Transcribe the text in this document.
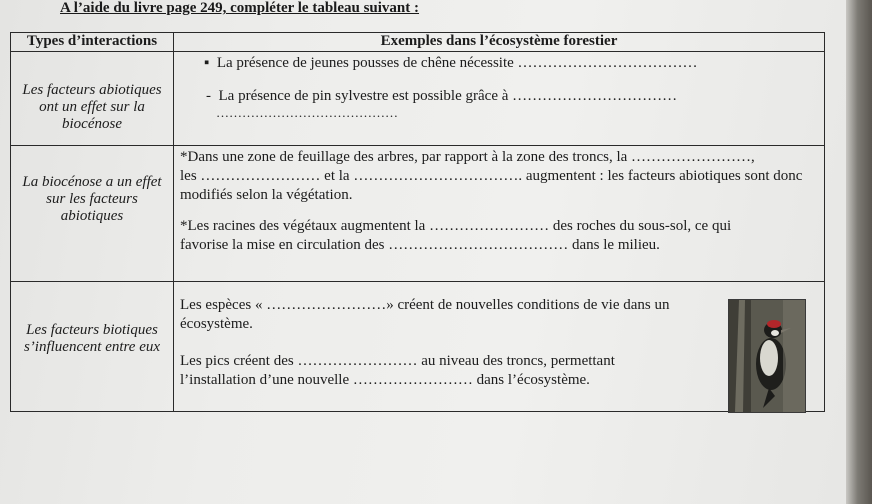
A l’aide du livre page 249, compléter le tableau suivant :
Types d’interactions	Exemples dans l’écosystème forestier

Les facteurs abiotiques ont un effet sur la biocénose	▪  La présence de jeunes pousses de chêne nécessite ………………………………
-  La présence de pin sylvestre est possible grâce à ……………………………
……………………………………

La biocénose a un effet sur les facteurs abiotiques	*Dans une zone de feuillage des arbres, par rapport à la zone des troncs, la ……………………,
les …………………… et la ……………………………. augmentent : les facteurs abiotiques sont donc
modifiés selon la végétation.
*Les racines des végétaux augmentent la …………………… des roches du sous-sol, ce qui
favorise la mise en circulation des ……………………………… dans le milieu.

Les facteurs biotiques s’influencent entre eux	Les espèces « ……………………» créent de nouvelles conditions de vie dans un
écosystème.
Les pics créent des …………………… au niveau des troncs, permettant
l’installation d’une nouvelle …………………… dans l’écosystème.
